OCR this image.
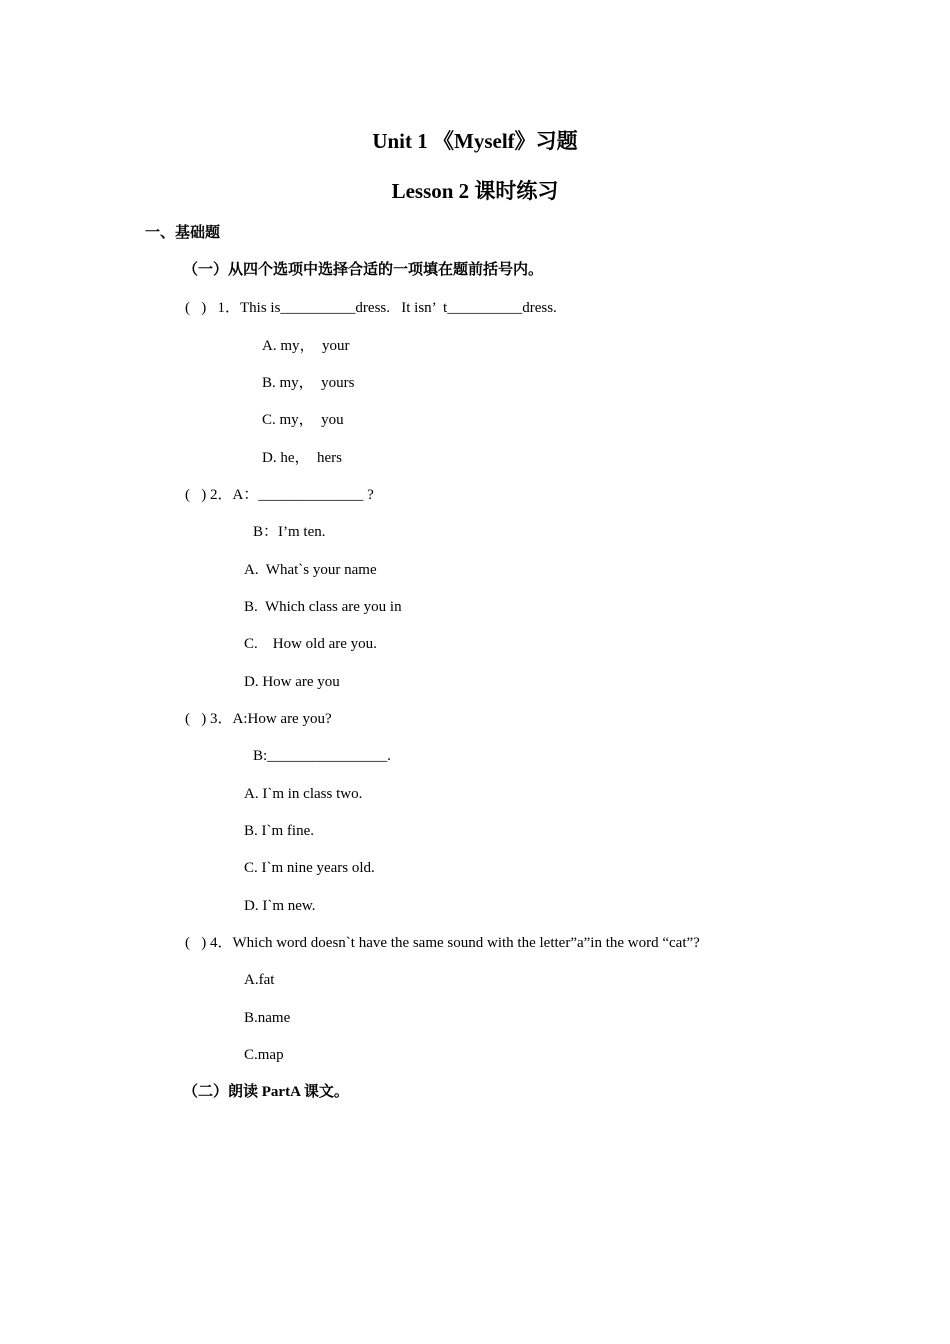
Unit 1 《Myself》习题
Lesson 2 课时练习
一、基础题
（一）从四个选项中选择合适的一项填在题前括号内。
(   )   1．This is__________dress.   It isn’  t__________dress.
A. my，  your
B. my，  yours
C. my，  you
D. he，  hers
(   ) 2．A：______________ ?
B：I’m ten.
A.  What`s your name
B.  Which class are you in
C.    How old are you.
D. How are you
(   ) 3．A:How are you?
B:________________.
A. I`m in class two.
B. I`m fine.
C. I`m nine years old.
D. I`m new.
(   ) 4．Which word doesn`t have the same sound with the letter”a”in the word “cat”?
A.fat
B.name
C.map
（二）朗读 PartA 课文。
